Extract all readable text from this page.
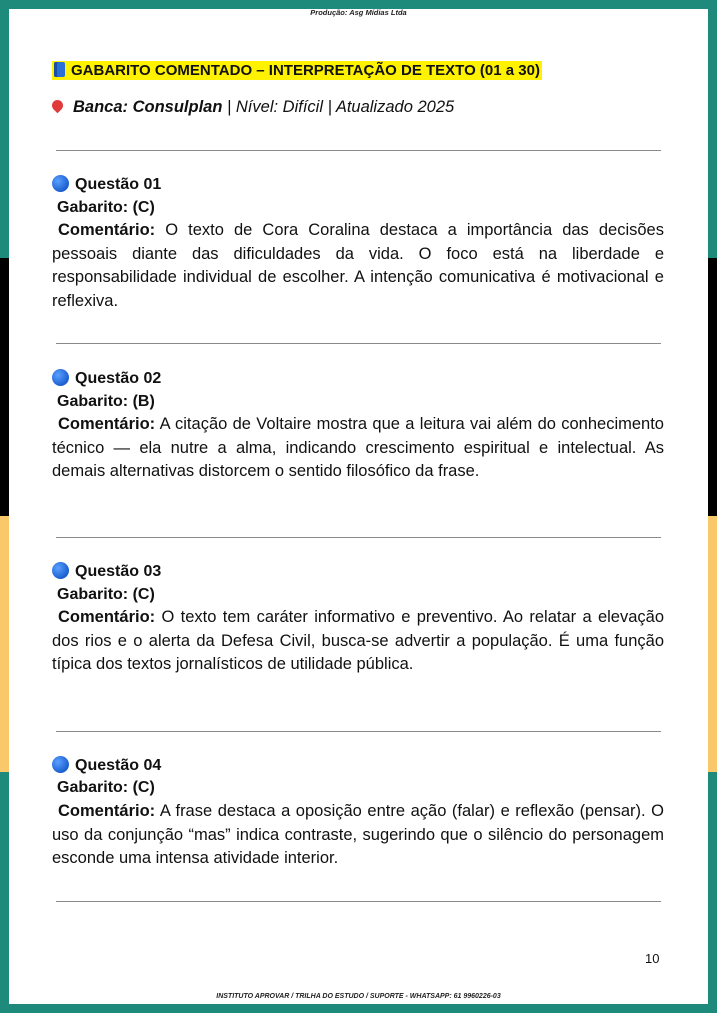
Produção: Asg Mídias Ltda
GABARITO COMENTADO – INTERPRETAÇÃO DE TEXTO (01 a 30)
Banca: Consulplan | Nível: Difícil | Atualizado 2025
Questão 01
Gabarito: (C)
Comentário: O texto de Cora Coralina destaca a importância das decisões pessoais diante das dificuldades da vida. O foco está na liberdade e responsabilidade individual de escolher. A intenção comunicativa é motivacional e reflexiva.
Questão 02
Gabarito: (B)
Comentário: A citação de Voltaire mostra que a leitura vai além do conhecimento técnico — ela nutre a alma, indicando crescimento espiritual e intelectual. As demais alternativas distorcem o sentido filosófico da frase.
Questão 03
Gabarito: (C)
Comentário: O texto tem caráter informativo e preventivo. Ao relatar a elevação dos rios e o alerta da Defesa Civil, busca-se advertir a população. É uma função típica dos textos jornalísticos de utilidade pública.
Questão 04
Gabarito: (C)
Comentário: A frase destaca a oposição entre ação (falar) e reflexão (pensar). O uso da conjunção “mas” indica contraste, sugerindo que o silêncio do personagem esconde uma intensa atividade interior.
10
INSTITUTO APROVAR / TRILHA DO ESTUDO / SUPORTE - WHATSAPP: 61 9960226-03
